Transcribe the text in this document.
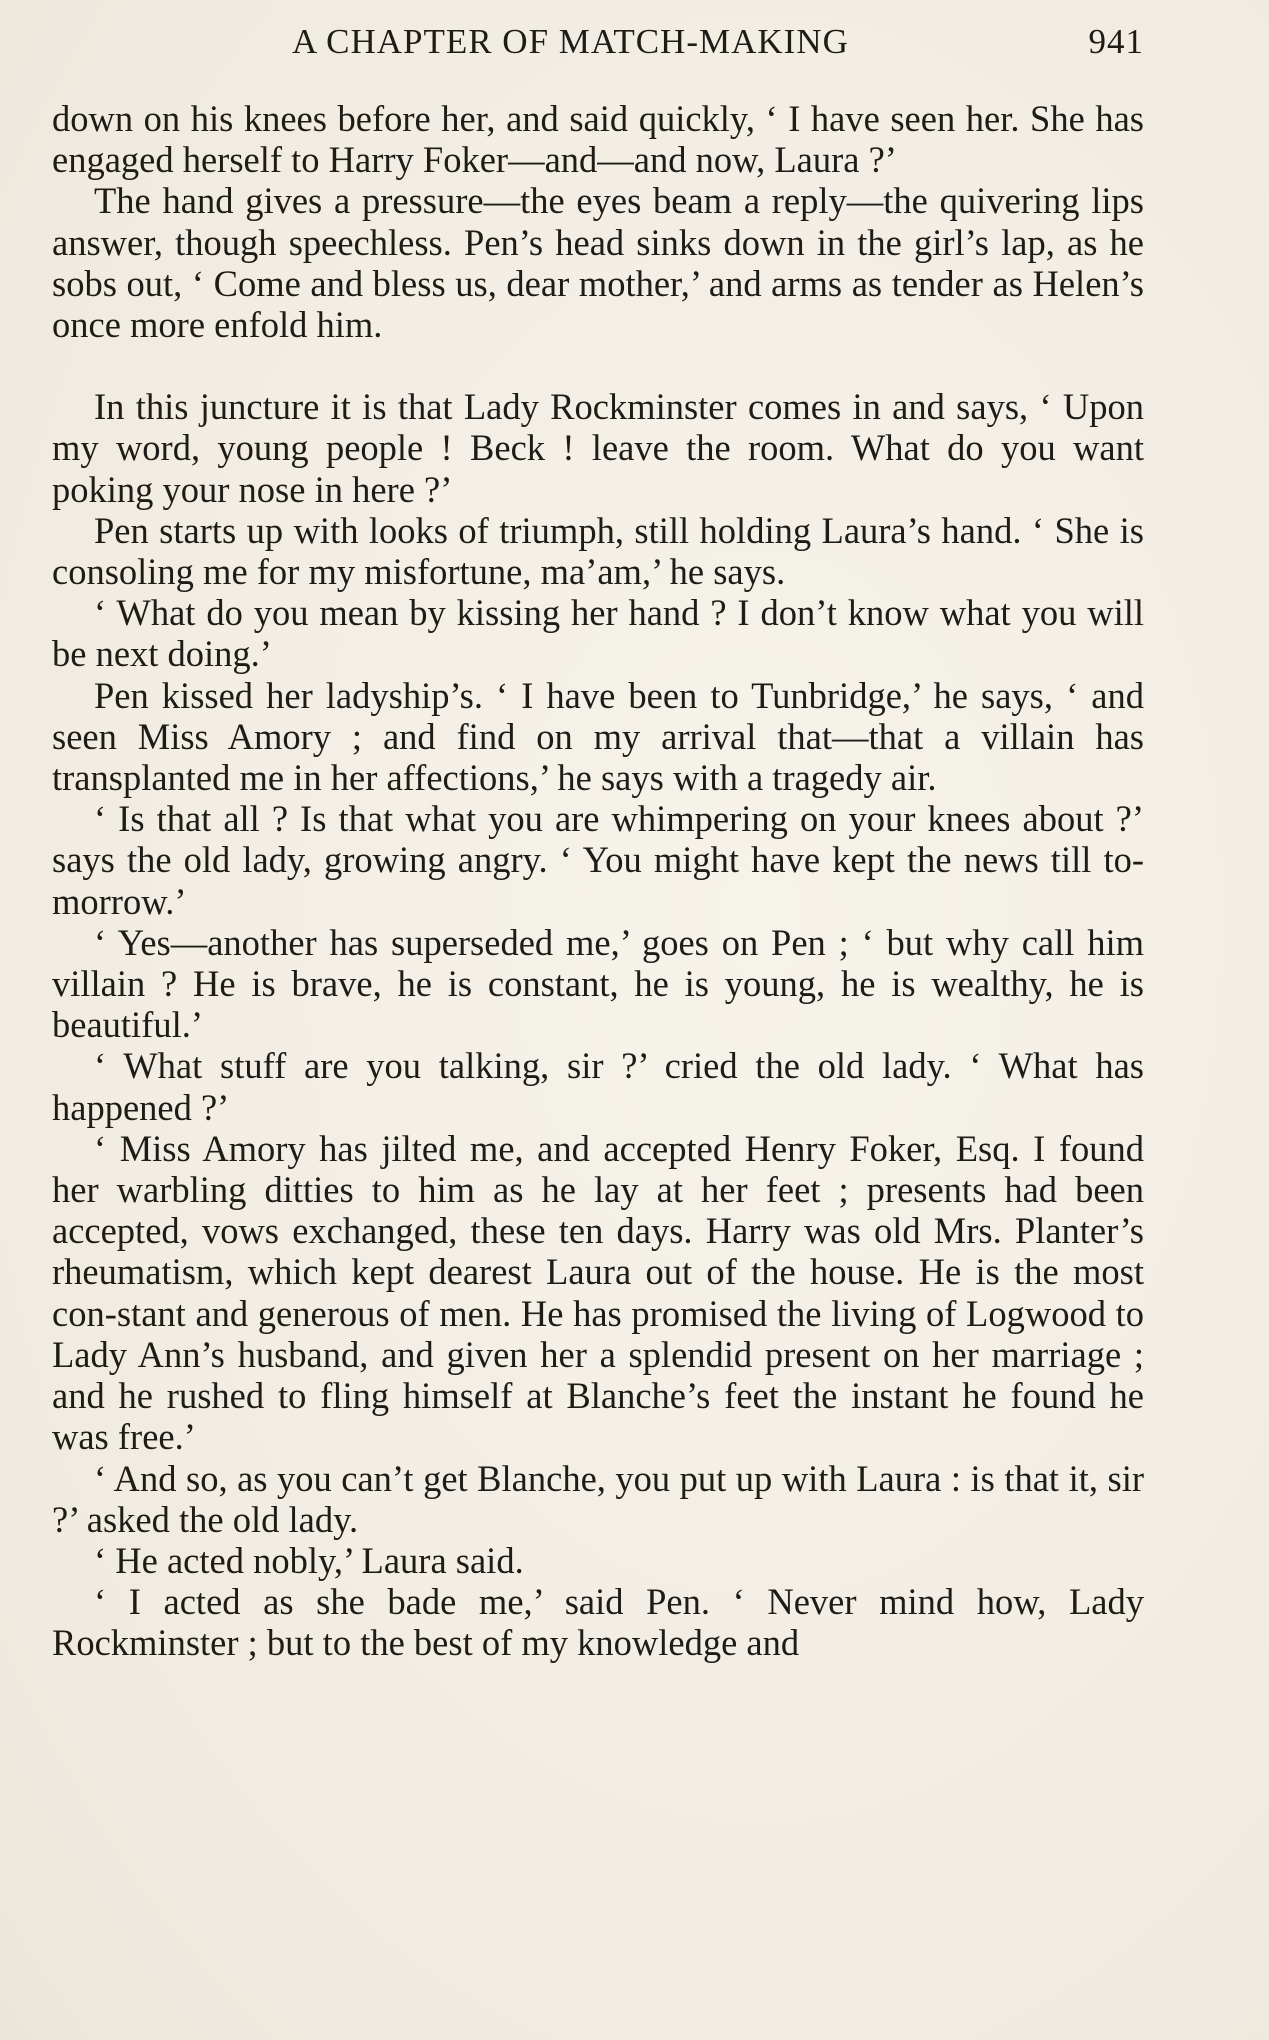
A CHAPTER OF MATCH-MAKING	941

down on his knees before her, and said quickly, ‘ I have seen her. She has engaged herself to Harry Foker—and—and now, Laura ?’

The hand gives a pressure—the eyes beam a reply—the quivering lips answer, though speechless. Pen’s head sinks down in the girl’s lap, as he sobs out, ‘ Come and bless us, dear mother,’ and arms as tender as Helen’s once more enfold him.

In this juncture it is that Lady Rockminster comes in and says, ‘ Upon my word, young people ! Beck ! leave the room. What do you want poking your nose in here ?’

Pen starts up with looks of triumph, still holding Laura’s hand. ‘ She is consoling me for my misfortune, ma’am,’ he says.

‘ What do you mean by kissing her hand ? I don’t know what you will be next doing.’

Pen kissed her ladyship’s. ‘ I have been to Tunbridge,’ he says, ‘ and seen Miss Amory ; and find on my arrival that—that a villain has transplanted me in her affections,’ he says with a tragedy air.

‘ Is that all ? Is that what you are whimpering on your knees about ?’ says the old lady, growing angry. ‘ You might have kept the news till to-morrow.’

‘ Yes—another has superseded me,’ goes on Pen ; ‘ but why call him villain ? He is brave, he is constant, he is young, he is wealthy, he is beautiful.’

‘ What stuff are you talking, sir ?’ cried the old lady. ‘ What has happened ?’

‘ Miss Amory has jilted me, and accepted Henry Foker, Esq. I found her warbling ditties to him as he lay at her feet ; presents had been accepted, vows exchanged, these ten days. Harry was old Mrs. Planter’s rheumatism, which kept dearest Laura out of the house. He is the most con-stant and generous of men. He has promised the living of Logwood to Lady Ann’s husband, and given her a splendid present on her marriage ; and he rushed to fling himself at Blanche’s feet the instant he found he was free.’

‘ And so, as you can’t get Blanche, you put up with Laura : is that it, sir ?’ asked the old lady.

‘ He acted nobly,’ Laura said.

‘ I acted as she bade me,’ said Pen. ‘ Never mind how, Lady Rockminster ; but to the best of my knowledge and
